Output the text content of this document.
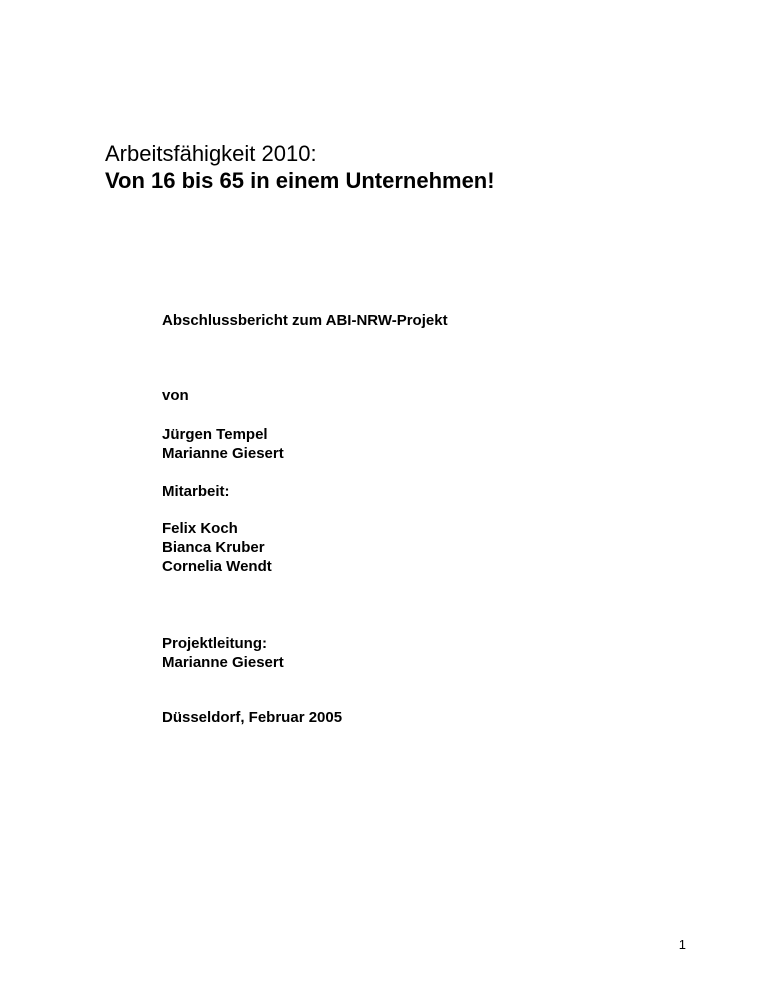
Arbeitsfähigkeit 2010:
Von 16 bis 65 in einem Unternehmen!

Abschlussbericht zum ABI-NRW-Projekt

von

Jürgen Tempel
Marianne Giesert

Mitarbeit:

Felix Koch
Bianca Kruber
Cornelia Wendt

Projektleitung:
Marianne Giesert

Düsseldorf, Februar 2005

1
